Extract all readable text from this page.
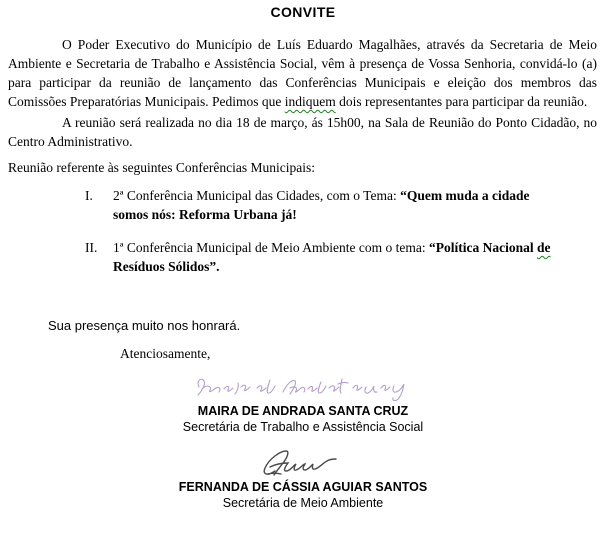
CONVITE

O Poder Executivo do Município de Luís Eduardo Magalhães, através da Secretaria de Meio Ambiente e Secretaria de Trabalho e Assistência Social, vêm à presença de Vossa Senhoria, convidá-lo (a) para participar da reunião de lançamento das Conferências Municipais e eleição dos membros das Comissões Preparatórias Municipais. Pedimos que indiquem dois representantes para participar da reunião.

A reunião será realizada no dia 18 de março, ás 15h00, na Sala de Reunião do Ponto Cidadão, no Centro Administrativo.

Reunião referente às seguintes Conferências Municipais:

I.	2ª Conferência Municipal das Cidades, com o Tema: “Quem muda a cidade somos nós: Reforma Urbana já!
II.	1ª Conferência Municipal de Meio Ambiente com o tema: “Política Nacional de Resíduos Sólidos”.
Sua presença muito nos honrará.
Atenciosamente,
MAIRA DE ANDRADA SANTA CRUZ
Secretária de Trabalho e Assistência Social
FERNANDA DE CÁSSIA AGUIAR SANTOS
Secretária de Meio Ambiente
